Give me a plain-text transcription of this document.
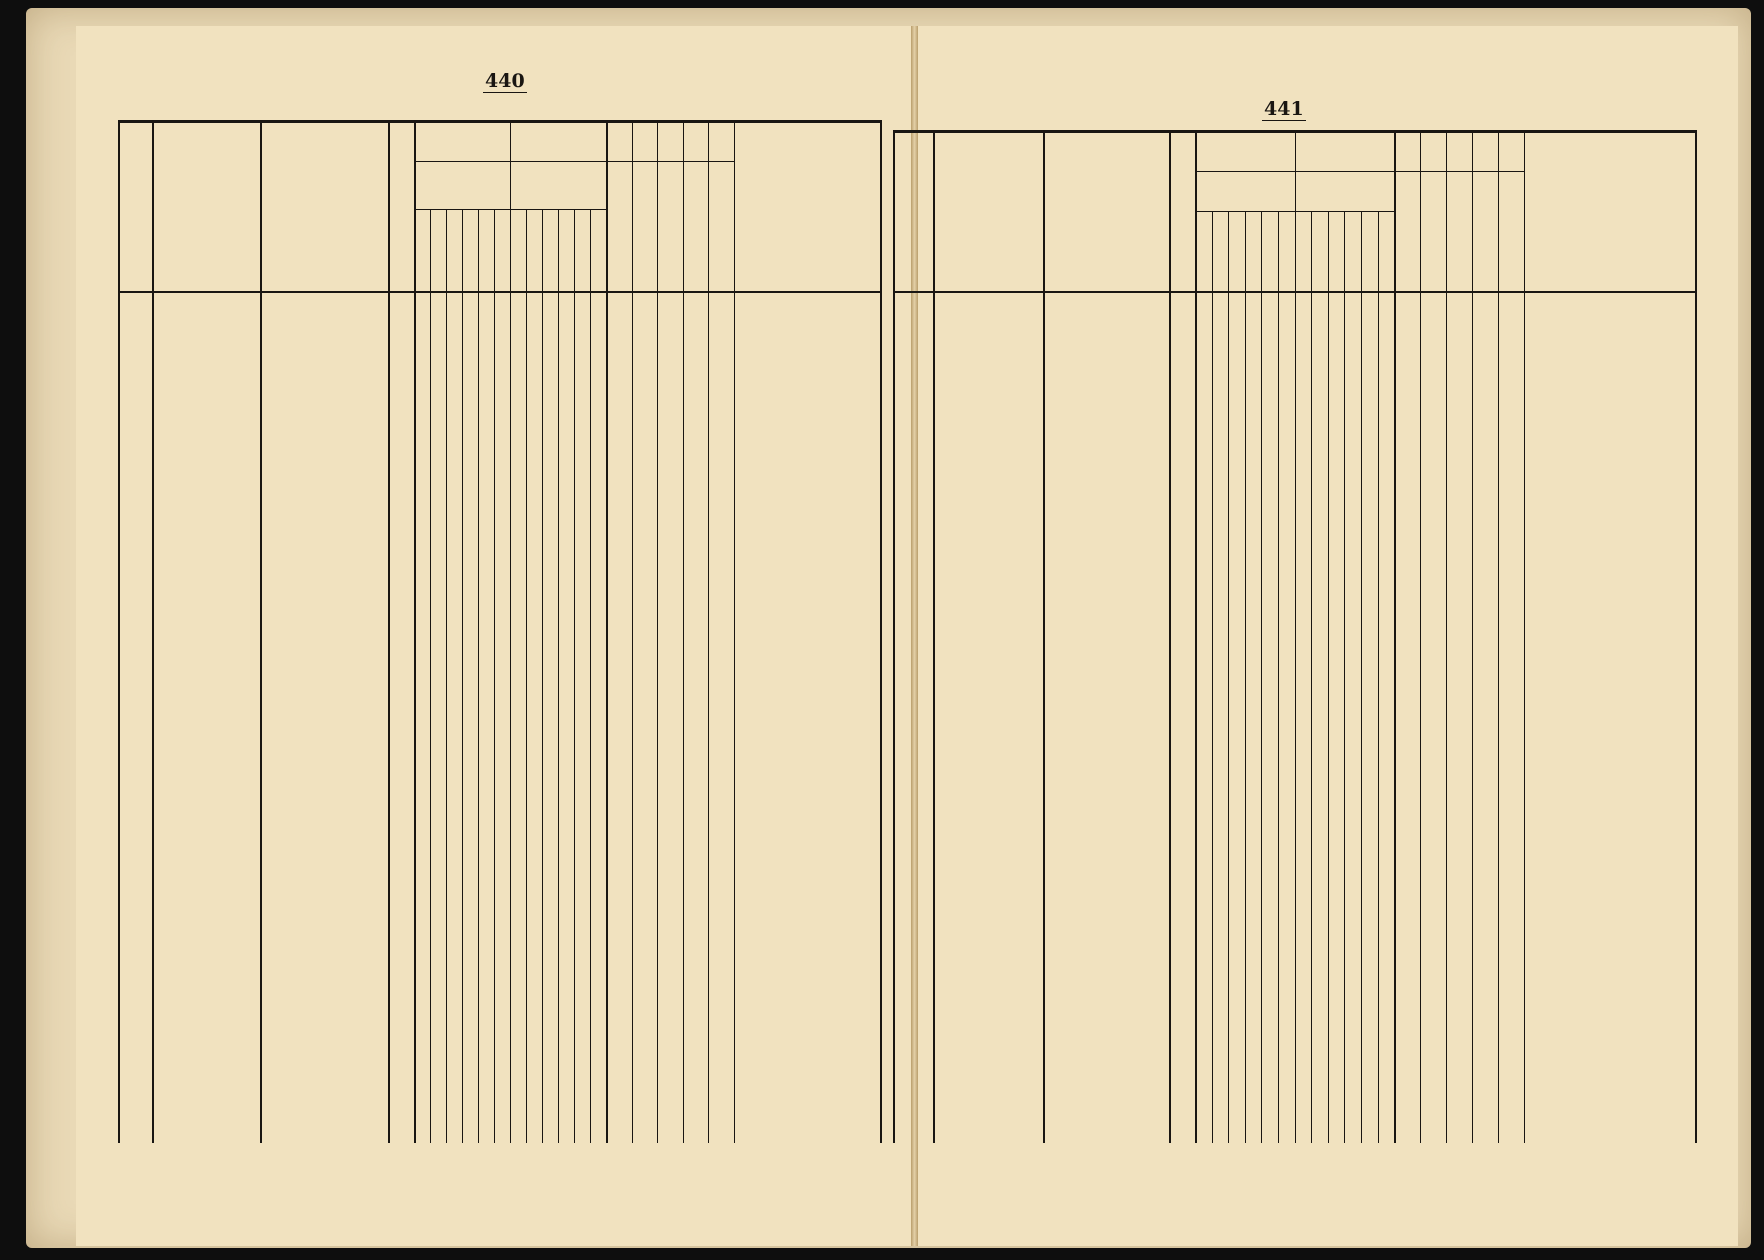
440
441
